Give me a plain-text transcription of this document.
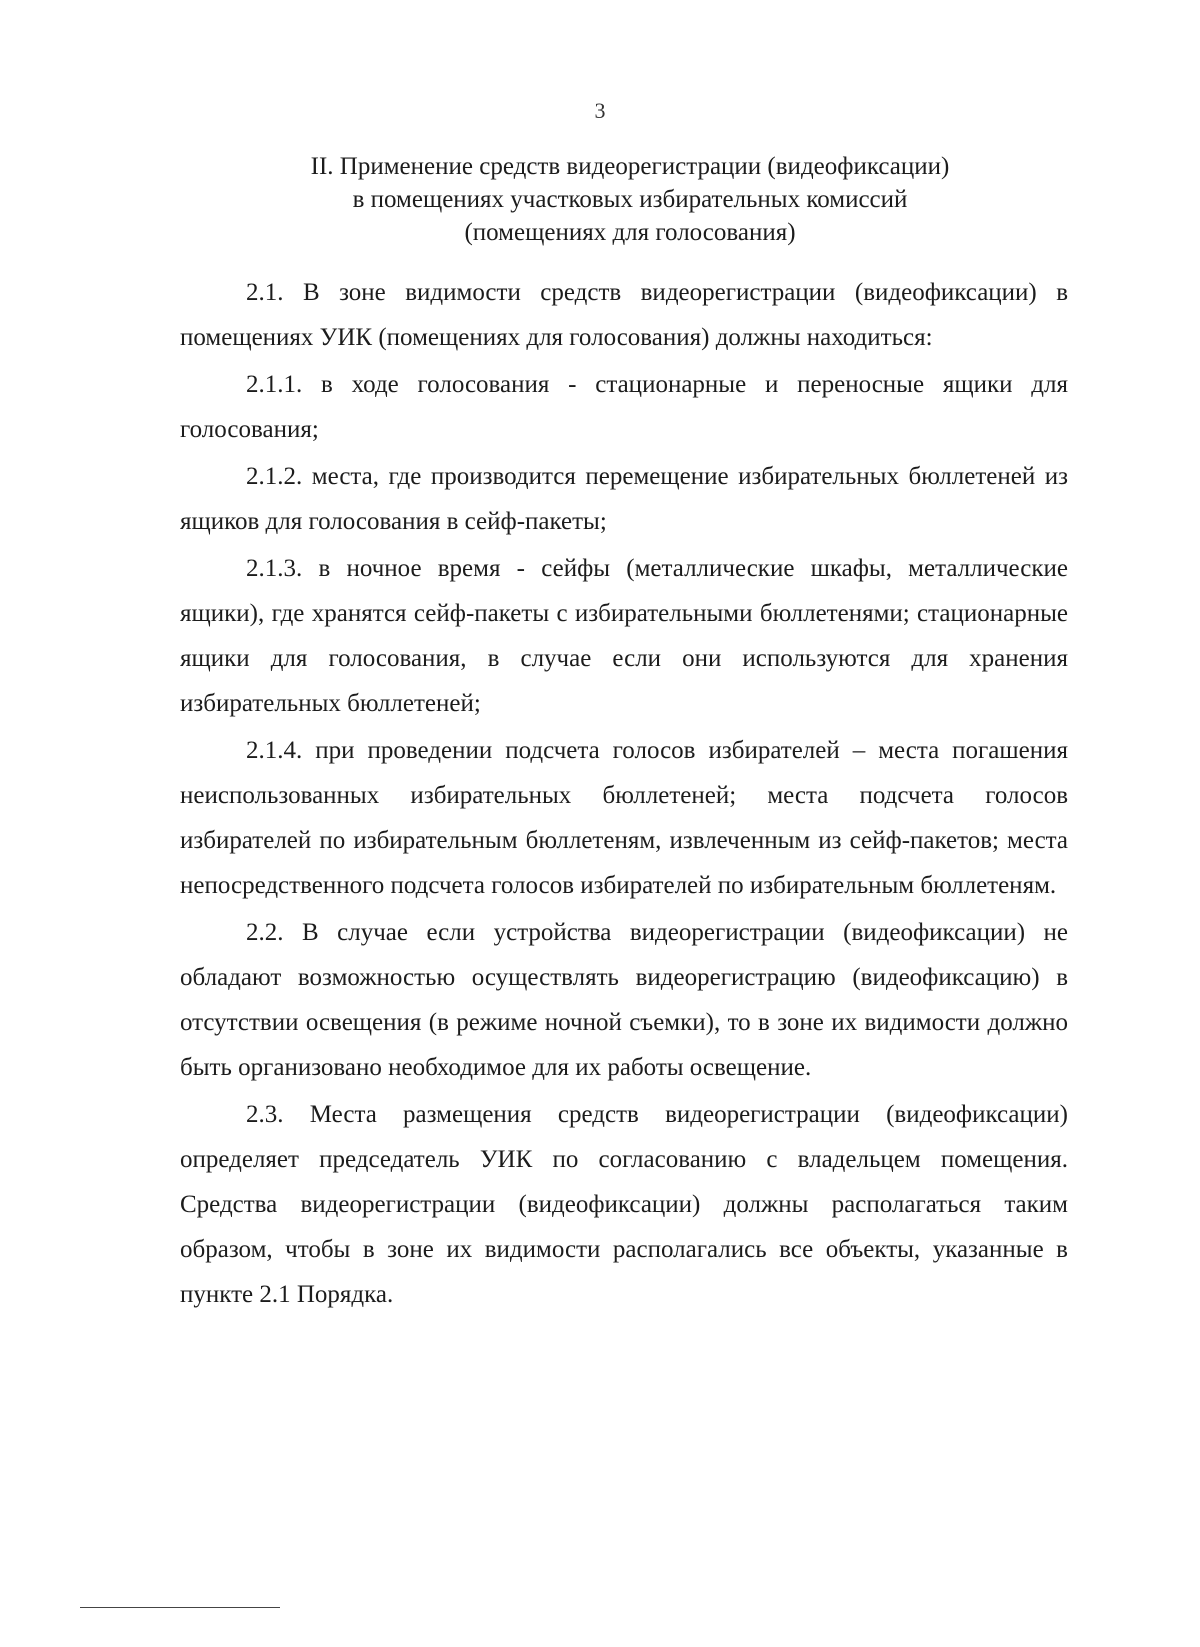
3
II. Применение средств видеорегистрации (видеофиксации)
в помещениях участковых избирательных комиссий
(помещениях для голосования)

2.1. В зоне видимости средств видеорегистрации (видеофиксации) в помещениях УИК (помещениях для голосования) должны находиться:

2.1.1. в ходе голосования - стационарные и переносные ящики для голосования;

2.1.2. места, где производится перемещение избирательных бюллетеней из ящиков для голосования в сейф-пакеты;

2.1.3. в ночное время - сейфы (металлические шкафы, металлические ящики), где хранятся сейф-пакеты с избирательными бюллетенями; стационарные ящики для голосования, в случае если они используются для хранения избирательных бюллетеней;

2.1.4. при проведении подсчета голосов избирателей – места погашения неиспользованных избирательных бюллетеней; места подсчета голосов избирателей по избирательным бюллетеням, извлеченным из сейф-пакетов; места непосредственного подсчета голосов избирателей по избирательным бюллетеням.

2.2. В случае если устройства видеорегистрации (видеофиксации) не обладают возможностью осуществлять видеорегистрацию (видеофиксацию) в отсутствии освещения (в режиме ночной съемки), то в зоне их видимости должно быть организовано необходимое для их работы освещение.

2.3. Места размещения средств видеорегистрации (видеофиксации) определяет председатель УИК по согласованию с владельцем помещения. Средства видеорегистрации (видеофиксации) должны располагаться таким образом, чтобы в зоне их видимости располагались все объекты, указанные в пункте 2.1 Порядка.
